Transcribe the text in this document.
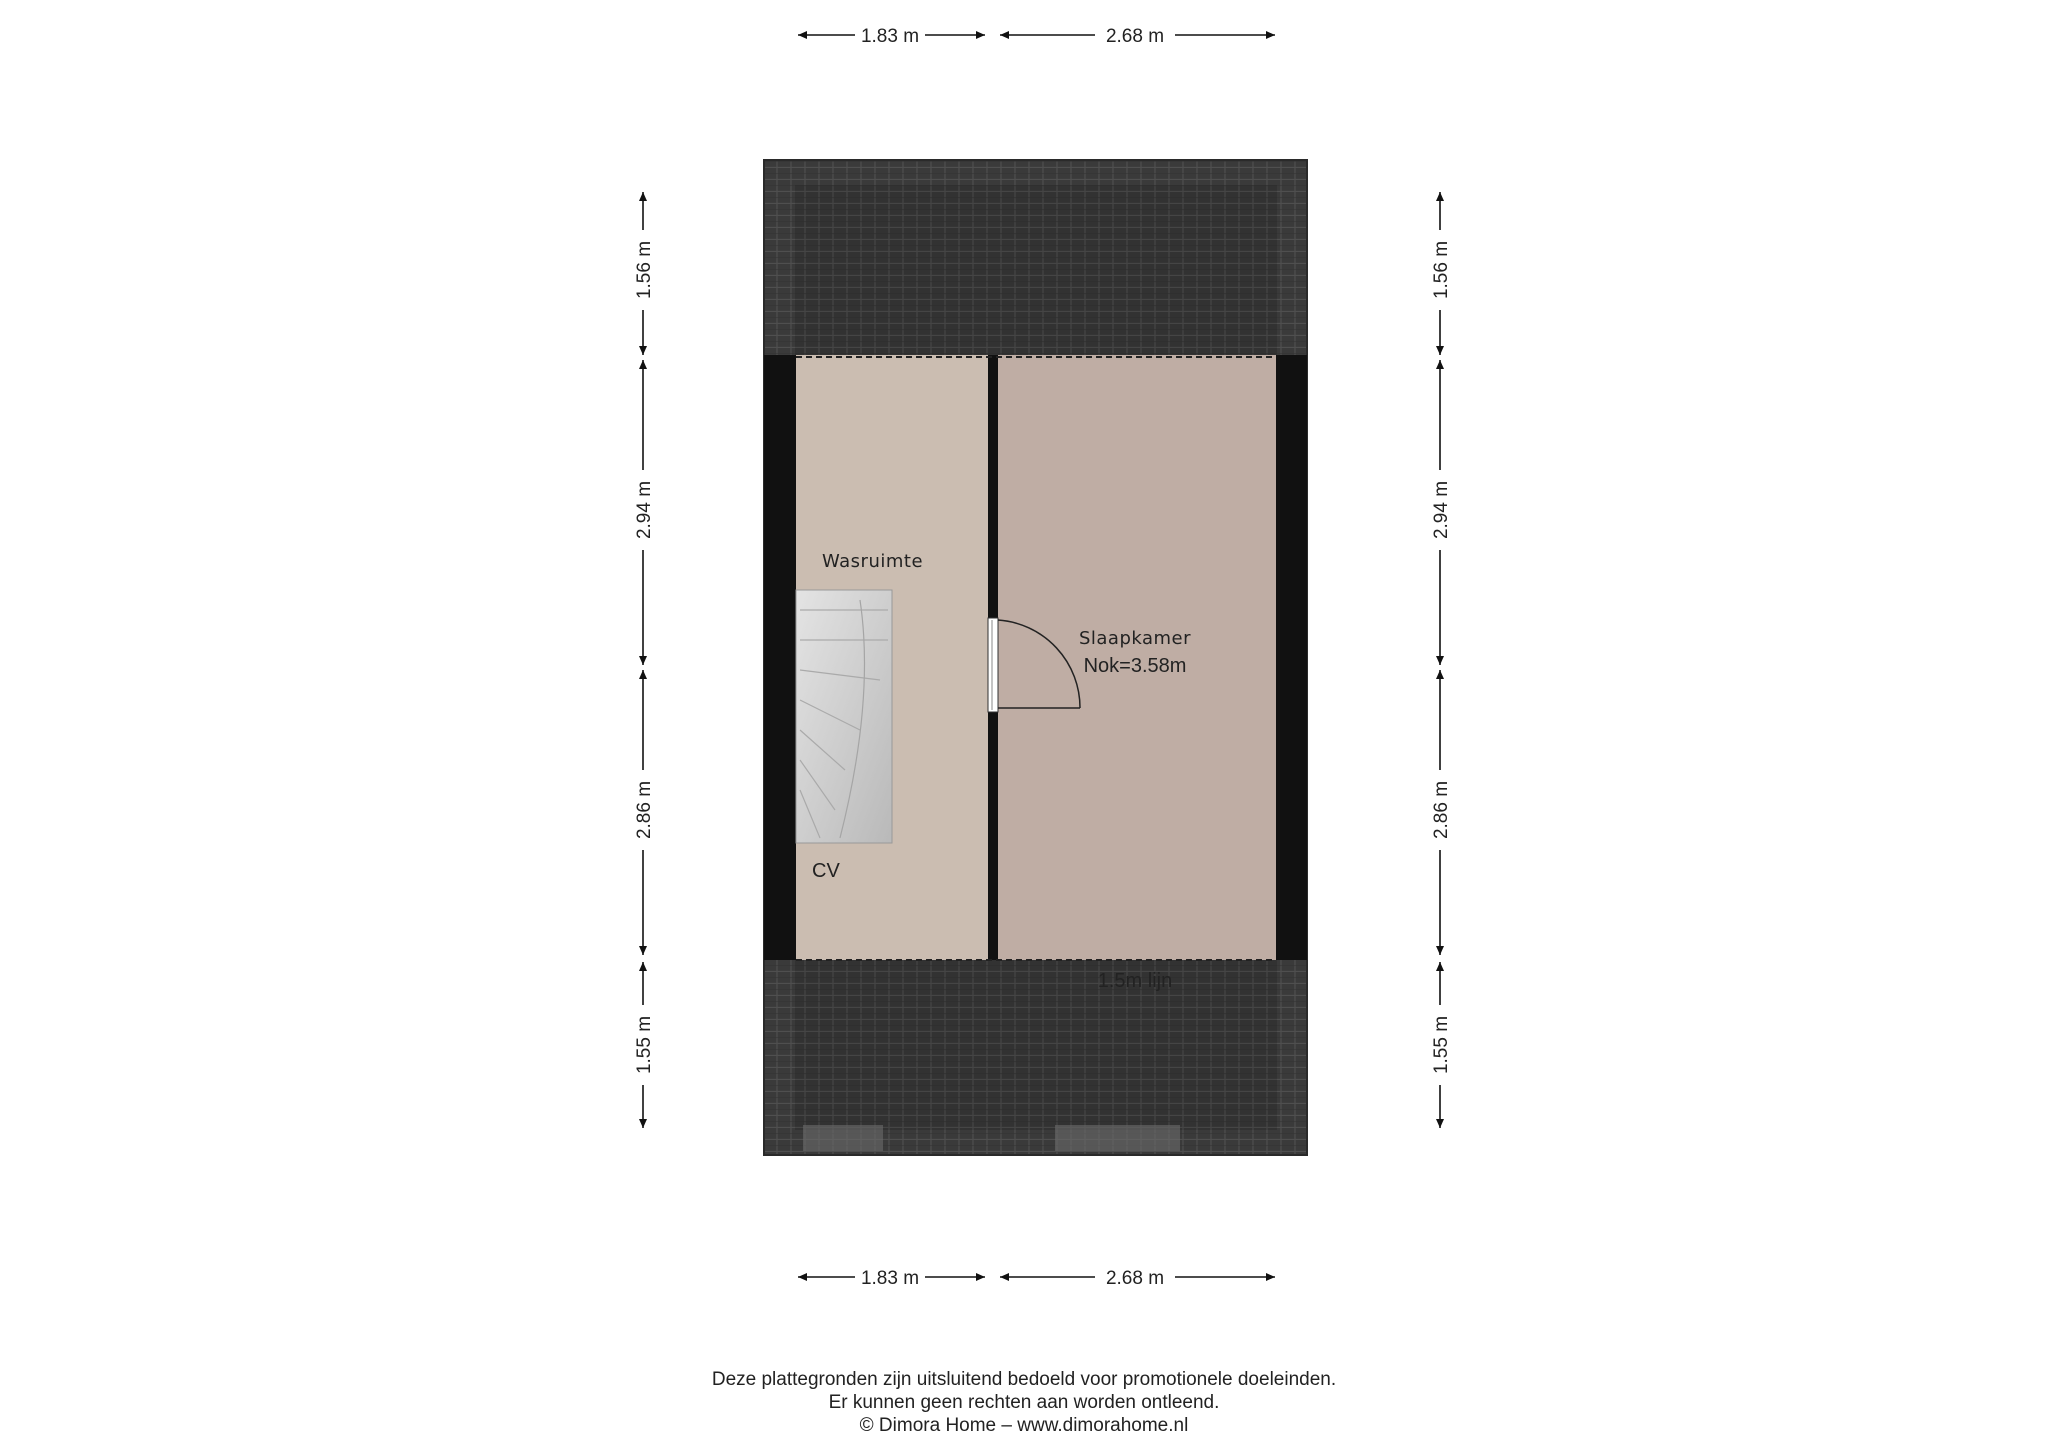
Wasruimte
CV
Slaapkamer
Nok=3.58m
1.5m lijn
1.83 m	2.68 m
1.83 m	2.68 m
1.56 m
2.94 m
2.86 m
1.55 m
1.56 m
2.94 m
2.86 m
1.55 m
Deze plattegronden zijn uitsluitend bedoeld voor promotionele doeleinden.
Er kunnen geen rechten aan worden ontleend.
© Dimora Home – www.dimorahome.nl
